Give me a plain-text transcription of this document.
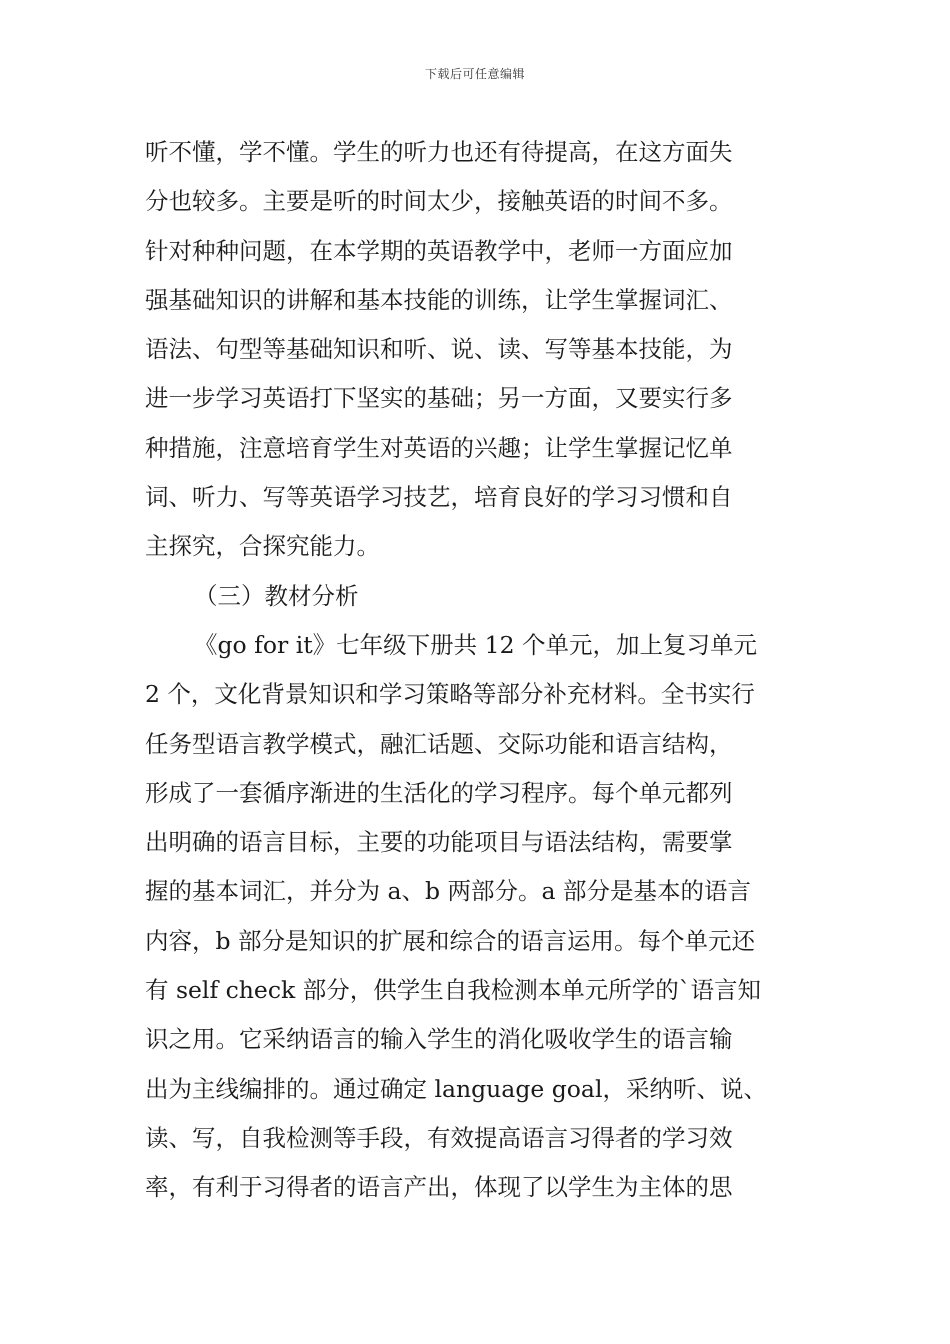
下载后可任意编辑
听不懂，学不懂。学生的听力也还有待提高，在这方面失
分也较多。主要是听的时间太少，接触英语的时间不多。
针对种种问题，在本学期的英语教学中，老师一方面应加
强基础知识的讲解和基本技能的训练，让学生掌握词汇、
语法、句型等基础知识和听、说、读、写等基本技能，为
进一步学习英语打下坚实的基础；另一方面，又要实行多
种措施，注意培育学生对英语的兴趣；让学生掌握记忆单
词、听力、写等英语学习技艺，培育良好的学习习惯和自
主探究，合探究能力。
（三）教材分析
《go for it》七年级下册共 12 个单元，加上复习单元
2 个，文化背景知识和学习策略等部分补充材料。全书实行
任务型语言教学模式，融汇话题、交际功能和语言结构，
形成了一套循序渐进的生活化的学习程序。每个单元都列
出明确的语言目标，主要的功能项目与语法结构，需要掌
握的基本词汇，并分为 a、b 两部分。a 部分是基本的语言
内容，b 部分是知识的扩展和综合的语言运用。每个单元还
有 self check 部分，供学生自我检测本单元所学的`语言知
识之用。它采纳语言的输入学生的消化吸收学生的语言输
出为主线编排的。通过确定 language goal，采纳听、说、
读、写，自我检测等手段，有效提高语言习得者的学习效
率，有利于习得者的语言产出，体现了以学生为主体的思
